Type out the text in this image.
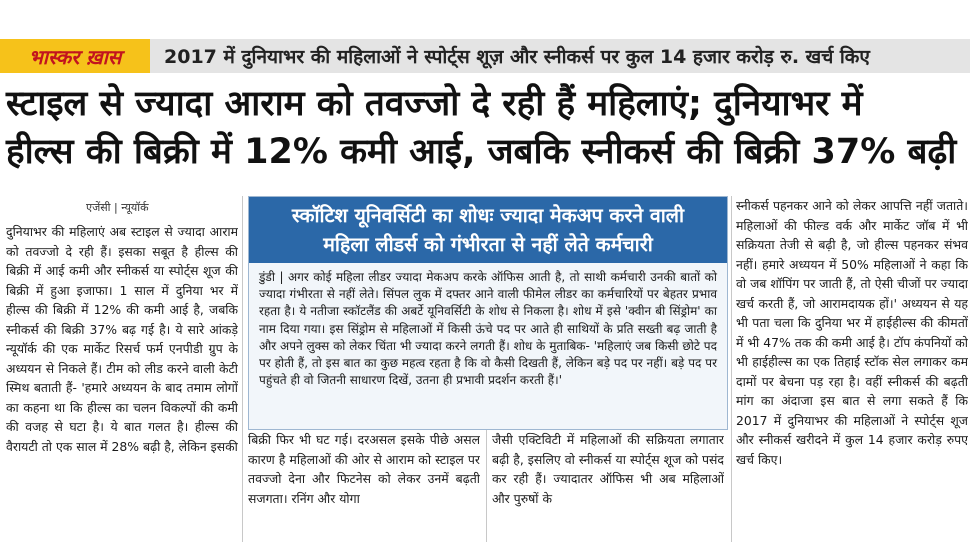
भास्कर ख़ास	2017 में दुनियाभर की महिलाओं ने स्पोर्ट्स शूज़ और स्नीकर्स पर कुल 14 हजार करोड़ रु. खर्च किए
स्टाइल से ज्यादा आराम को तवज्जो दे रही हैं महिलाएं; दुनियाभर में
हील्स की बिक्री में 12% कमी आई, जबकि स्नीकर्स की बिक्री 37% बढ़ी
एजेंसी | न्यूयॉर्क

दुनियाभर की महिलाएं अब स्टाइल से ज्यादा आराम को तवज्जो दे रही हैं। इसका सबूत है हील्स की बिक्री में आई कमी और स्नीकर्स या स्पोर्ट्स शूज की बिक्री में हुआ इजाफा। 1 साल में दुनिया भर में हील्स की बिक्री में 12% की कमी आई है, जबकि स्नीकर्स की बिक्री 37% बढ़ गई है। ये सारे आंकड़े न्यूयॉर्क की एक मार्केट रिसर्च फर्म एनपीडी ग्रुप के अध्ययन से निकले हैं। टीम को लीड करने वाली केटी स्मिथ बताती हैं- 'हमारे अध्ययन के बाद तमाम लोगों का कहना था कि हील्स का चलन विकल्पों की कमी की वजह से घटा है। ये बात गलत है। हील्स की वैरायटी तो एक साल में 28% बढ़ी है, लेकिन इसकी

स्कॉटिश यूनिवर्सिटी का शोधः ज्यादा मेकअप करने वाली
महिला लीडर्स को गंभीरता से नहीं लेते कर्मचारी
डुंडी | अगर कोई महिला लीडर ज्यादा मेकअप करके ऑफिस आती है, तो साथी कर्मचारी उनकी बातों को ज्यादा गंभीरता से नहीं लेते। सिंपल लुक में दफ्तर आने वाली फीमेल लीडर का कर्मचारियों पर बेहतर प्रभाव रहता है। ये नतीजा स्कॉटलैंड की अबर्टे यूनिवर्सिटी के शोध से निकला है। शोध में इसे 'क्वीन बी सिंड्रोम' का नाम दिया गया। इस सिंड्रोम से महिलाओं में किसी ऊंचे पद पर आते ही साथियों के प्रति सख्ती बढ़ जाती है और अपने लुक्स को लेकर चिंता भी ज्यादा करने लगती हैं। शोध के मुताबिक- 'महिलाएं जब किसी छोटे पद पर होती हैं, तो इस बात का कुछ महत्व रहता है कि वो कैसी दिखती हैं, लेकिन बड़े पद पर नहीं। बड़े पद पर पहुंचते ही वो जितनी साधारण दिखें, उतना ही प्रभावी प्रदर्शन करती हैं।'

बिक्री फिर भी घट गई। दरअसल इसके पीछे असल कारण है महिलाओं की ओर से आराम को स्टाइल पर तवज्जो देना और फिटनेस को लेकर उनमें बढ़ती सजगता। रनिंग और योगा

जैसी एक्टिविटी में महिलाओं की सक्रियता लगातार बढ़ी है, इसलिए वो स्नीकर्स या स्पोर्ट्स शूज को पसंद कर रही हैं। ज्यादातर ऑफिस भी अब महिलाओं और पुरुषों के

स्नीकर्स पहनकर आने को लेकर आपत्ति नहीं जताते। महिलाओं की फील्ड वर्क और मार्केट जॉब में भी सक्रियता तेजी से बढ़ी है, जो हील्स पहनकर संभव नहीं। हमारे अध्ययन में 50% महिलाओं ने कहा कि वो जब शॉपिंग पर जाती हैं, तो ऐसी चीजों पर ज्यादा खर्च करती हैं, जो आरामदायक हों।' अध्ययन से यह भी पता चला कि दुनिया भर में हाईहील्स की कीमतों में भी 47% तक की कमी आई है। टॉप कंपनियों को भी हाईहील्स का एक तिहाई स्टॉक सेल लगाकर कम दामों पर बेचना पड़ रहा है। वहीं स्नीकर्स की बढ़ती मांग का अंदाजा इस बात से लगा सकते हैं कि 2017 में दुनियाभर की महिलाओं ने स्पोर्ट्स शूज और स्नीकर्स खरीदने में कुल 14 हजार करोड़ रुपए खर्च किए।
